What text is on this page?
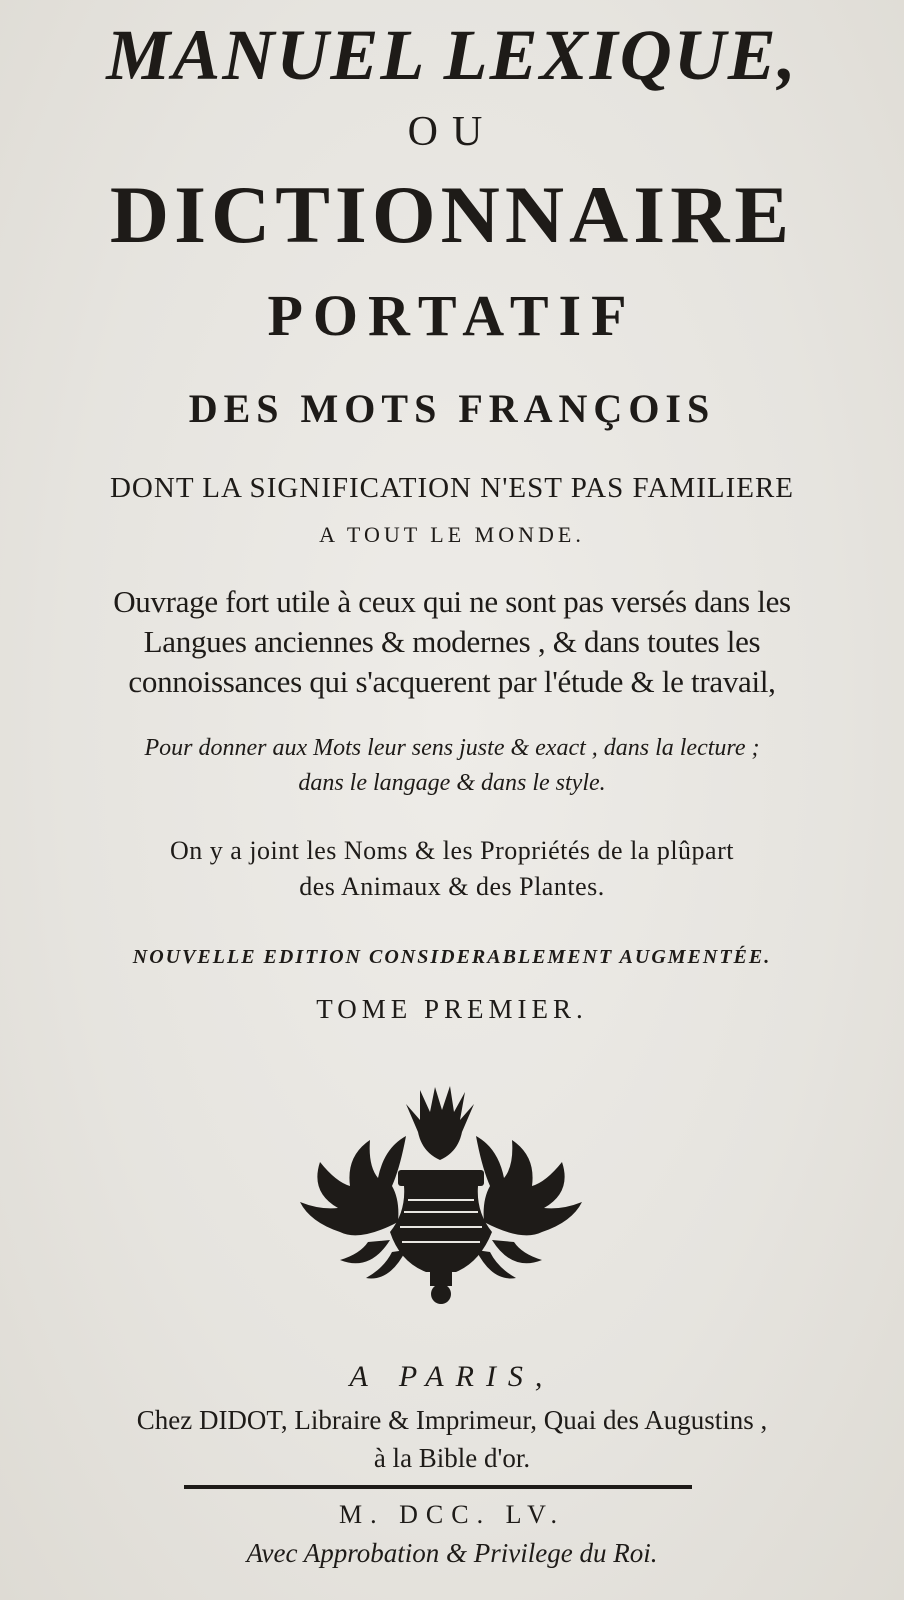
MANUEL LEXIQUE,
OU
DICTIONNAIRE
PORTATIF
DES MOTS FRANÇOIS
DONT LA SIGNIFICATION N'EST PAS FAMILIERE
A TOUT LE MONDE.
Ouvrage fort utile à ceux qui ne sont pas versés dans les
Langues anciennes & modernes , & dans toutes les
connoissances qui s'acquerent par l'étude & le travail,
Pour donner aux Mots leur sens juste & exact , dans la lecture ;
dans le langage & dans le style.
On y a joint les Noms & les Propriétés de la plûpart
des Animaux & des Plantes.
NOUVELLE EDITION CONSIDERABLEMENT AUGMENTÉE.
TOME PREMIER.
A PARIS,
Chez DIDOT, Libraire & Imprimeur, Quai des Augustins ,
à la Bible d'or.
M. DCC. LV.
Avec Approbation & Privilege du Roi.
